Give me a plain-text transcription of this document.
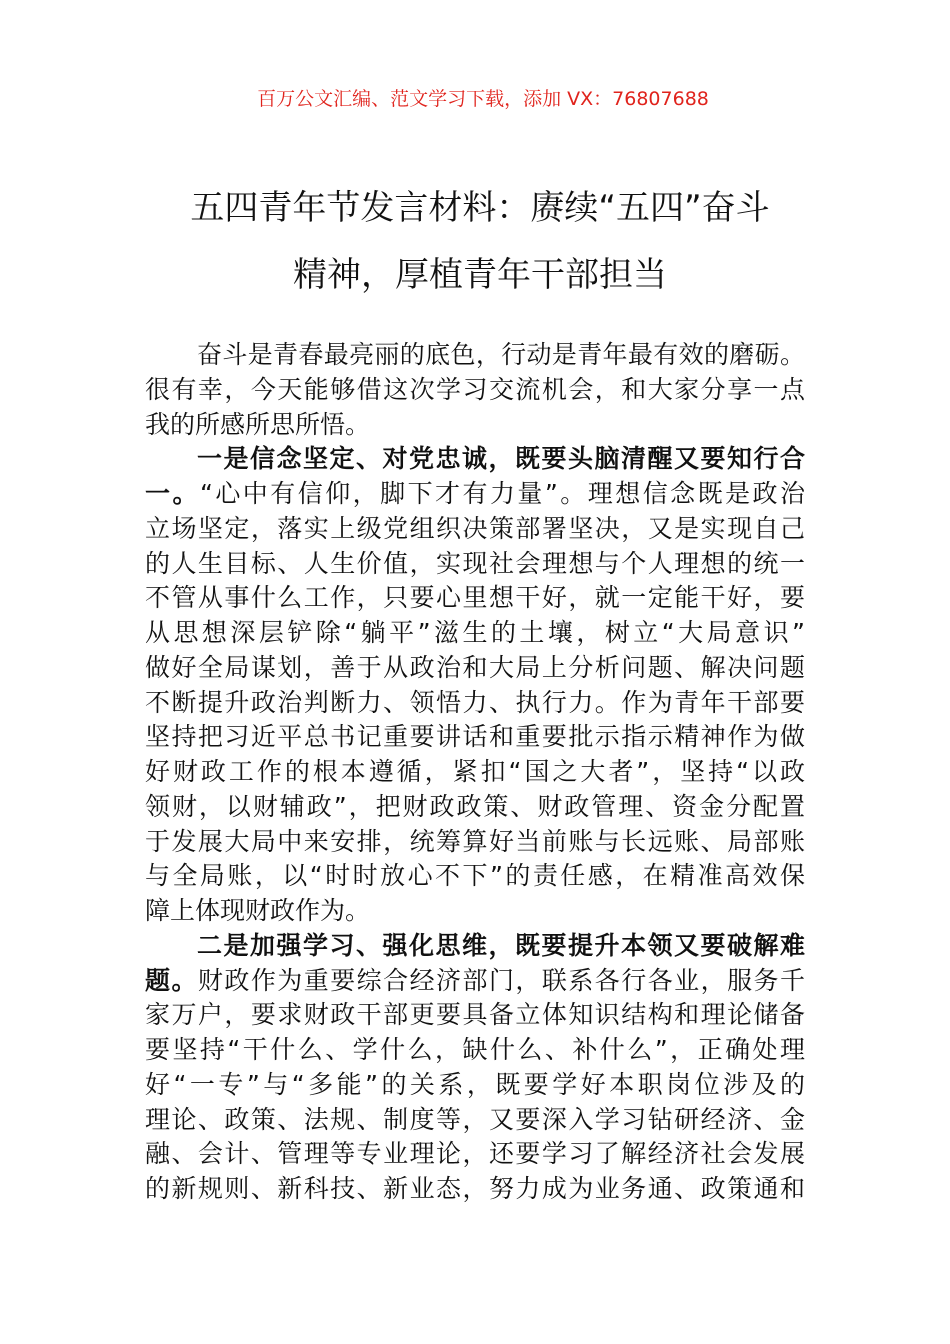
百万公文汇编、范文学习下载，添加 VX：76807688
五四青年节发言材料：赓续“五四”奋斗
精神，厚植青年干部担当
奋斗是青春最亮丽的底色，行动是青年最有效的磨砺。
很有幸，今天能够借这次学习交流机会，和大家分享一点
我的所感所思所悟。
一是信念坚定、对党忠诚，既要头脑清醒又要知行合
一。“心中有信仰，脚下才有力量”。理想信念既是政治
立场坚定，落实上级党组织决策部署坚决，又是实现自己
的人生目标、人生价值，实现社会理想与个人理想的统一
不管从事什么工作，只要心里想干好，就一定能干好，要
从思想深层铲除“躺平”滋生的土壤，树立“大局意识”
做好全局谋划，善于从政治和大局上分析问题、解决问题
不断提升政治判断力、领悟力、执行力。作为青年干部要
坚持把习近平总书记重要讲话和重要批示指示精神作为做
好财政工作的根本遵循，紧扣“国之大者”，坚持“以政
领财，以财辅政”，把财政政策、财政管理、资金分配置
于发展大局中来安排，统筹算好当前账与长远账、局部账
与全局账，以“时时放心不下”的责任感，在精准高效保
障上体现财政作为。
二是加强学习、强化思维，既要提升本领又要破解难
题。财政作为重要综合经济部门，联系各行各业，服务千
家万户，要求财政干部更要具备立体知识结构和理论储备
要坚持“干什么、学什么，缺什么、补什么”，正确处理
好“一专”与“多能”的关系，既要学好本职岗位涉及的
理论、政策、法规、制度等，又要深入学习钻研经济、金
融、会计、管理等专业理论，还要学习了解经济社会发展
的新规则、新科技、新业态，努力成为业务通、政策通和
